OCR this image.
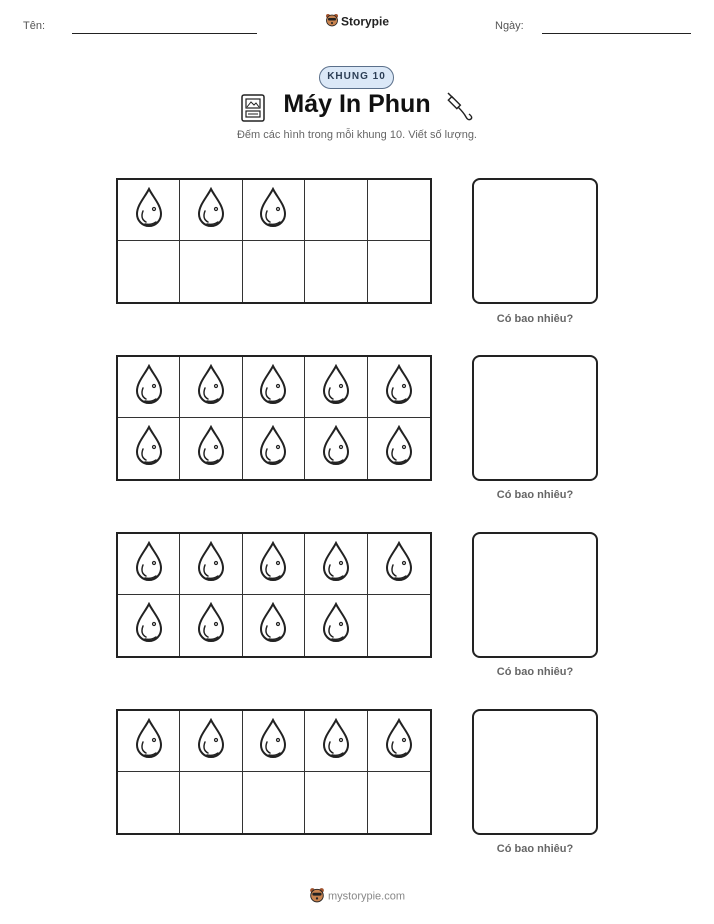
Tên:	Storypie	Ngày:
KHUNG 10
Máy In Phun
Đếm các hình trong mỗi khung 10. Viết số lượng.
Có bao nhiêu?
Có bao nhiêu?
Có bao nhiêu?
Có bao nhiêu?
mystorypie.com
